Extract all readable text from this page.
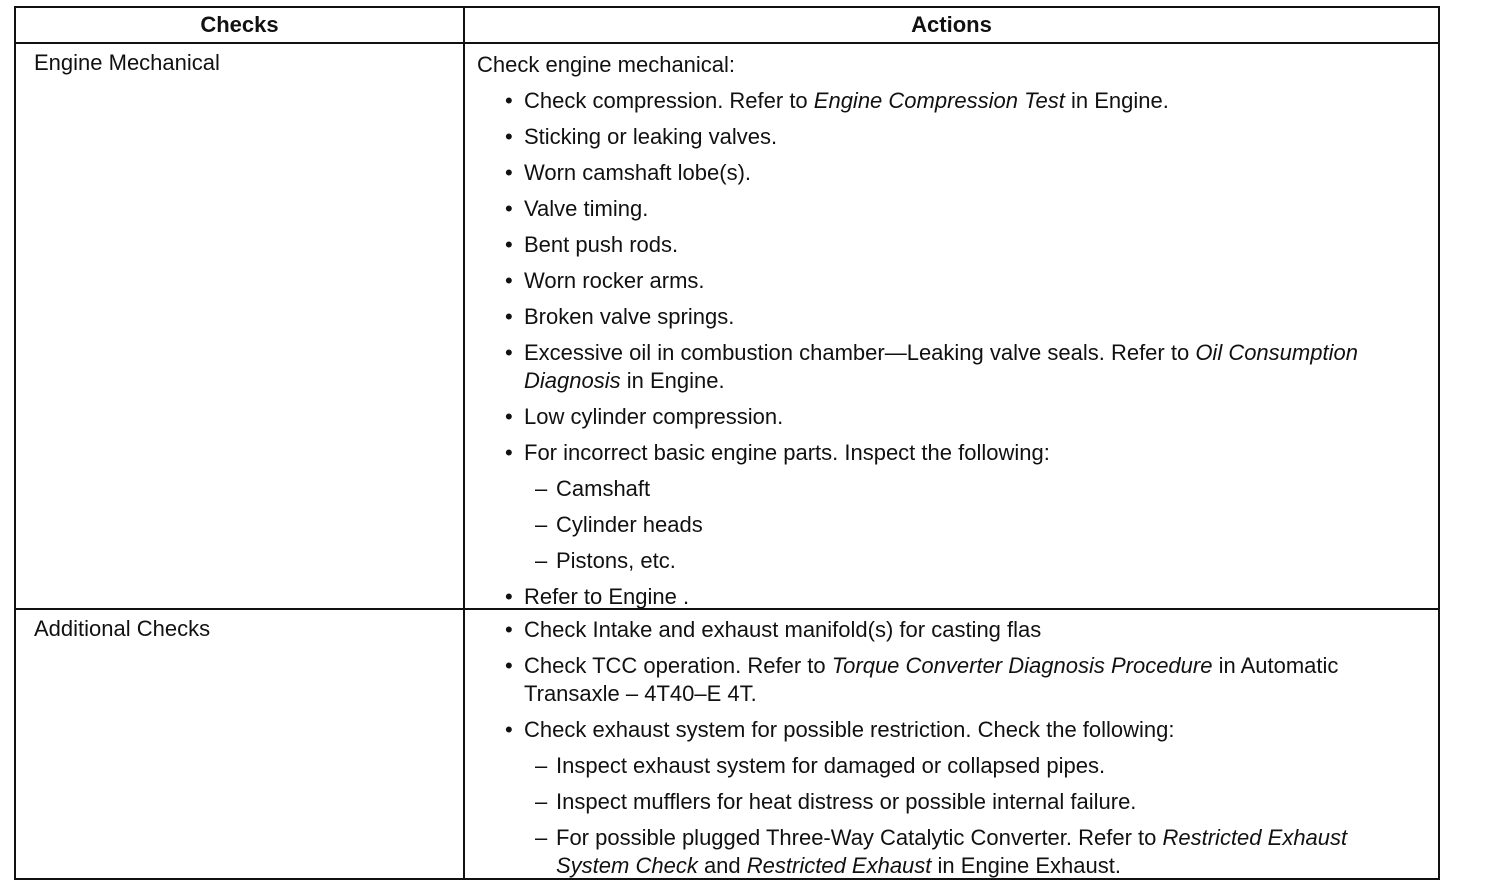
Checks	Actions
Engine Mechanical
Additional Checks
Check engine mechanical:
• Check compression. Refer to Engine Compression Test in Engine.
• Sticking or leaking valves.
• Worn camshaft lobe(s).
• Valve timing.
• Bent push rods.
• Worn rocker arms.
• Broken valve springs.
• Excessive oil in combustion chamber—Leaking valve seals. Refer to Oil Consumption Diagnosis in Engine.
• Low cylinder compression.
• For incorrect basic engine parts. Inspect the following:
– Camshaft
– Cylinder heads
– Pistons, etc.
• Refer to Engine .
• Check Intake and exhaust manifold(s) for casting flas
• Check TCC operation. Refer to Torque Converter Diagnosis Procedure in Automatic Transaxle – 4T40–E 4T.
• Check exhaust system for possible restriction. Check the following:
– Inspect exhaust system for damaged or collapsed pipes.
– Inspect mufflers for heat distress or possible internal failure.
– For possible plugged Three-Way Catalytic Converter. Refer to Restricted Exhaust System Check and Restricted Exhaust in Engine Exhaust.
